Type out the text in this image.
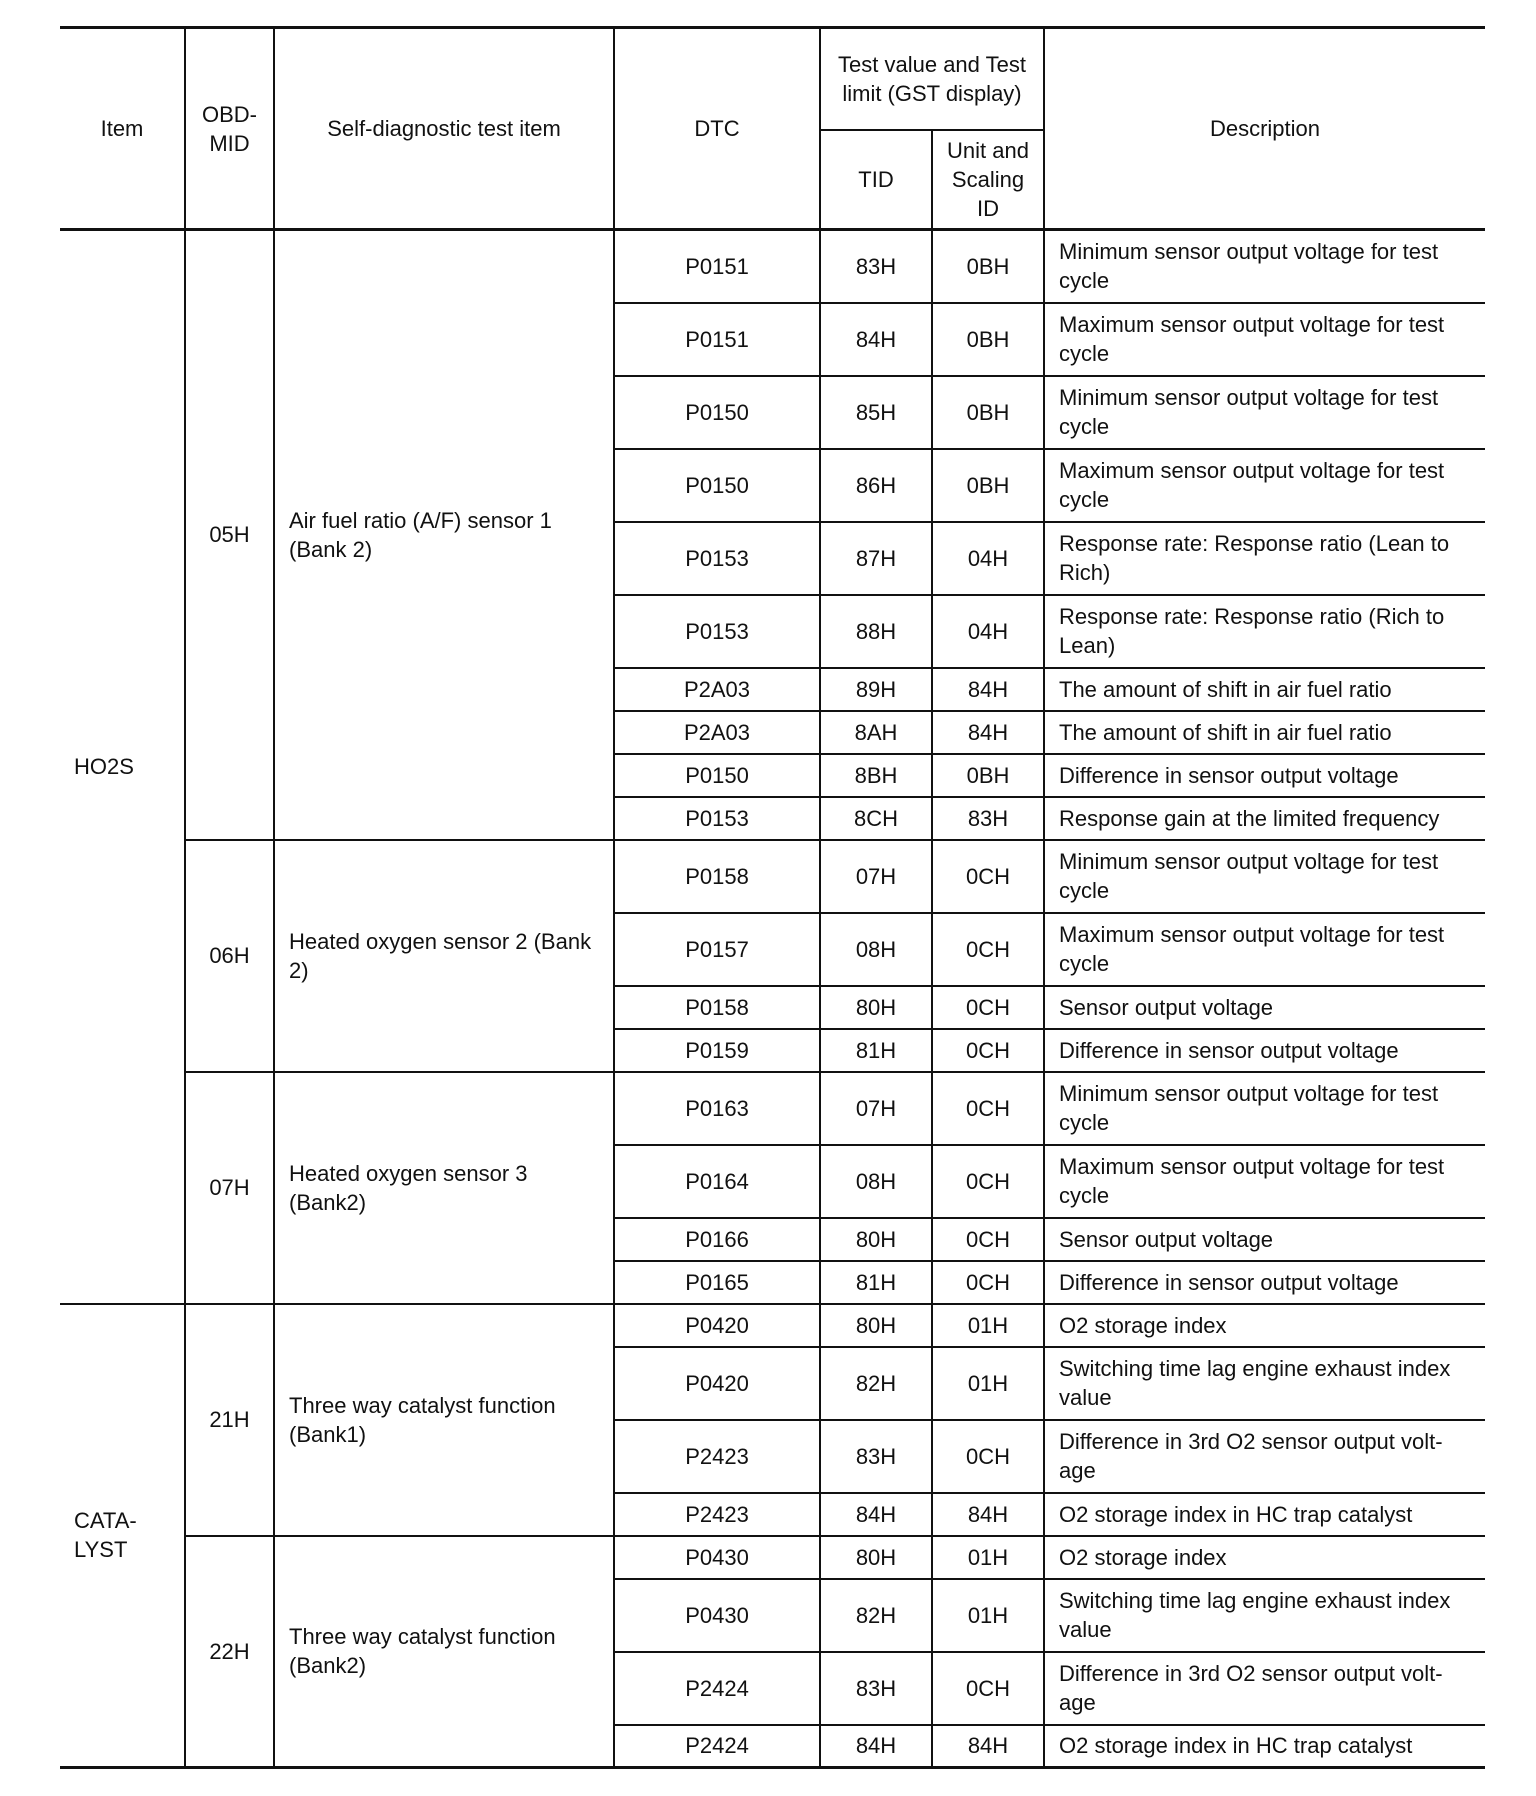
Item	OBD-MID	Self-diagnostic test item	DTC	Test value and Test limit (GST display)		Description
				TID	Unit and Scaling ID	
HO2S	05H	Air fuel ratio (A/F) sensor 1 (Bank 2)	P0151	83H	0BH	Minimum sensor output voltage for test cycle
			P0151	84H	0BH	Maximum sensor output voltage for test cycle
			P0150	85H	0BH	Minimum sensor output voltage for test cycle
			P0150	86H	0BH	Maximum sensor output voltage for test cycle
			P0153	87H	04H	Response rate: Response ratio (Lean to Rich)
			P0153	88H	04H	Response rate: Response ratio (Rich to Lean)
			P2A03	89H	84H	The amount of shift in air fuel ratio
			P2A03	8AH	84H	The amount of shift in air fuel ratio
			P0150	8BH	0BH	Difference in sensor output voltage
			P0153	8CH	83H	Response gain at the limited frequency
	06H	Heated oxygen sensor 2 (Bank 2)	P0158	07H	0CH	Minimum sensor output voltage for test cycle
			P0157	08H	0CH	Maximum sensor output voltage for test cycle
			P0158	80H	0CH	Sensor output voltage
			P0159	81H	0CH	Difference in sensor output voltage
	07H	Heated oxygen sensor 3 (Bank2)	P0163	07H	0CH	Minimum sensor output voltage for test cycle
			P0164	08H	0CH	Maximum sensor output voltage for test cycle
			P0166	80H	0CH	Sensor output voltage
			P0165	81H	0CH	Difference in sensor output voltage
CATA-LYST	21H	Three way catalyst function (Bank1)	P0420	80H	01H	O2 storage index
			P0420	82H	01H	Switching time lag engine exhaust index value
			P2423	83H	0CH	Difference in 3rd O2 sensor output volt-age
			P2423	84H	84H	O2 storage index in HC trap catalyst
	22H	Three way catalyst function (Bank2)	P0430	80H	01H	O2 storage index
			P0430	82H	01H	Switching time lag engine exhaust index value
			P2424	83H	0CH	Difference in 3rd O2 sensor output volt-age
			P2424	84H	84H	O2 storage index in HC trap catalyst
